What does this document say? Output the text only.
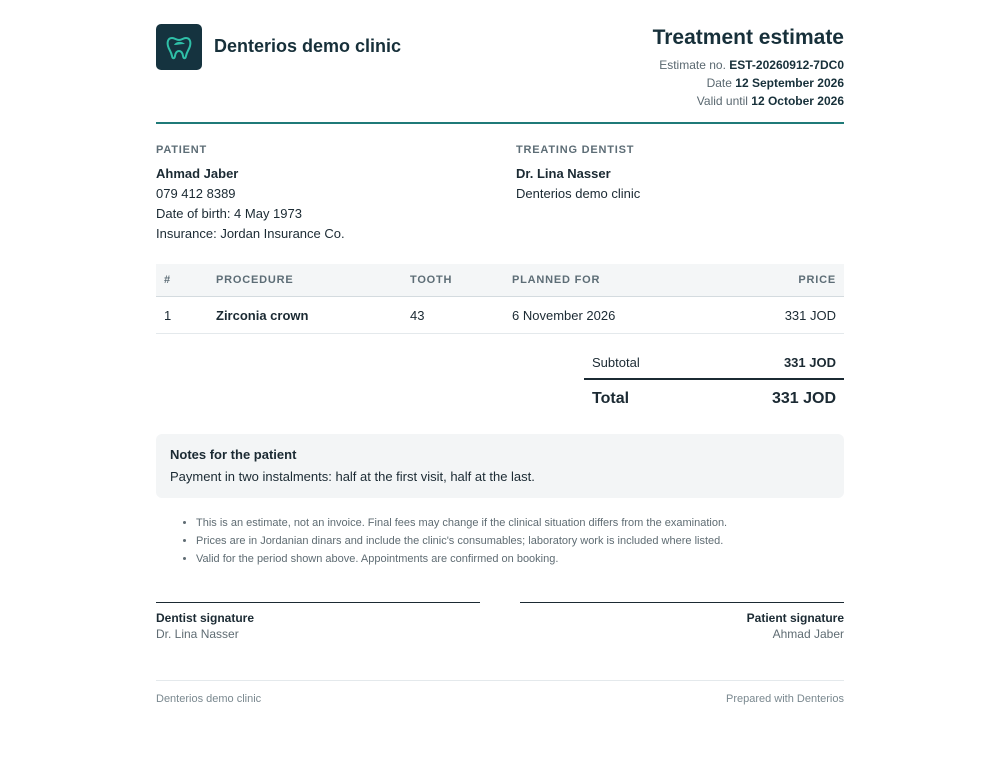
Denterios demo clinic	Treatment estimate
Estimate no. EST-20260912-7DC0
Date 12 September 2026
Valid until 12 October 2026
PATIENT
Ahmad Jaber
079 412 8389
Date of birth: 4 May 1973
Insurance: Jordan Insurance Co.
TREATING DENTIST
Dr. Lina Nasser
Denterios demo clinic
#	PROCEDURE	TOOTH	PLANNED FOR	PRICE
1	Zirconia crown	43	6 November 2026	331 JOD
Subtotal	331 JOD
Total	331 JOD
Notes for the patient
Payment in two instalments: half at the first visit, half at the last.
• This is an estimate, not an invoice. Final fees may change if the clinical situation differs from the examination.
• Prices are in Jordanian dinars and include the clinic's consumables; laboratory work is included where listed.
• Valid for the period shown above. Appointments are confirmed on booking.
Dentist signature
Dr. Lina Nasser
Patient signature
Ahmad Jaber
Denterios demo clinic	Prepared with Denterios
